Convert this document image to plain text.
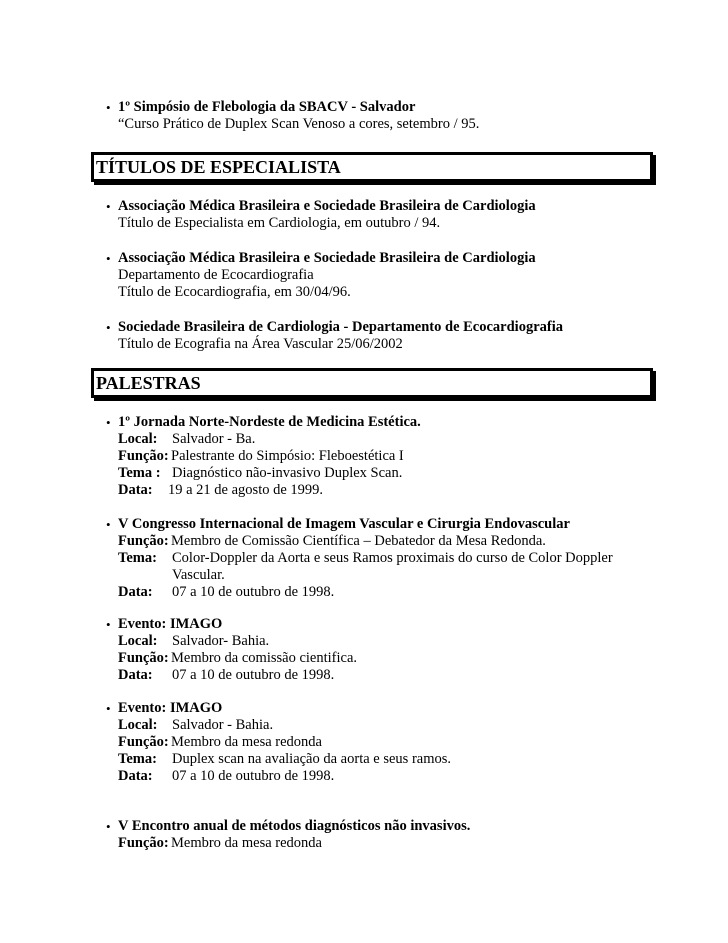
• 1º Simpósio de Flebologia da SBACV - Salvador
“Curso Prático de Duplex Scan Venoso a cores, setembro / 95.
TÍTULOS DE ESPECIALISTA
• Associação Médica Brasileira e Sociedade Brasileira de Cardiologia
Título de Especialista em Cardiologia, em outubro / 94.
• Associação Médica Brasileira e Sociedade Brasileira de Cardiologia
Departamento de Ecocardiografia
Título de Ecocardiografia, em 30/04/96.
• Sociedade Brasileira de Cardiologia - Departamento de Ecocardiografia
Título de Ecografia na Área Vascular 25/06/2002
PALESTRAS
• 1º Jornada Norte-Nordeste de Medicina Estética.
Local: Salvador - Ba.
Função: Palestrante do Simpósio: Fleboestética I
Tema : Diagnóstico não-invasivo Duplex Scan.
Data: 19 a 21 de agosto de 1999.
• V Congresso Internacional de Imagem Vascular e Cirurgia Endovascular
Função: Membro de Comissão Científica – Debatedor da Mesa Redonda.
Tema: Color-Doppler da Aorta e seus Ramos proximais do curso de Color Doppler
Vascular.
Data: 07 a 10 de outubro de 1998.
• Evento: IMAGO
Local: Salvador- Bahia.
Função: Membro da comissão cientifica.
Data: 07 a 10 de outubro de 1998.
• Evento: IMAGO
Local: Salvador - Bahia.
Função: Membro da mesa redonda
Tema: Duplex scan na avaliação da aorta e seus ramos.
Data: 07 a 10 de outubro de 1998.
• V Encontro anual de métodos diagnósticos não invasivos.
Função: Membro da mesa redonda
